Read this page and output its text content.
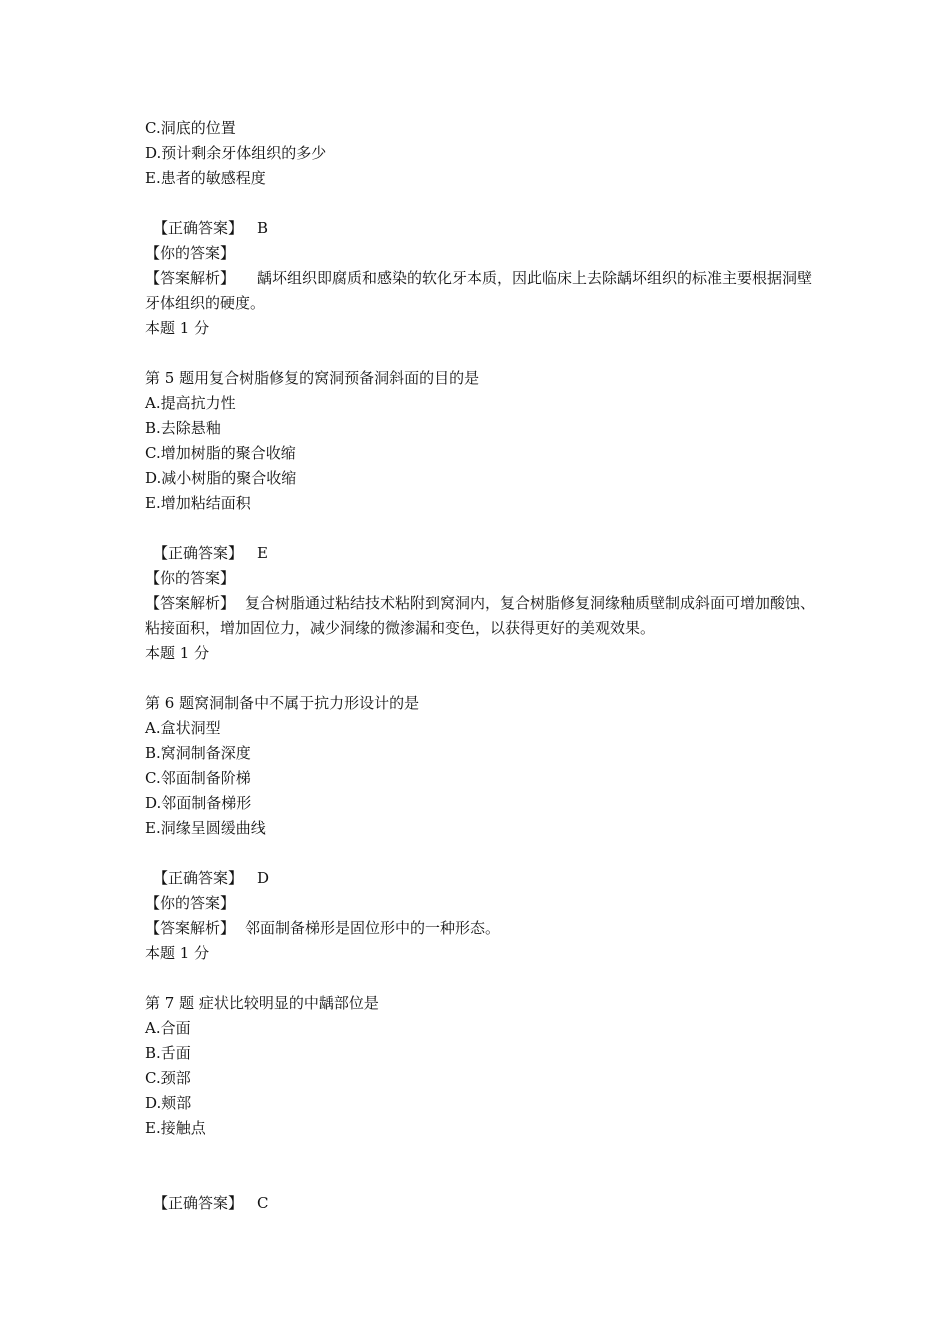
C.洞底的位置
D.预计剩余牙体组织的多少
E.患者的敏感程度
【正确答案】 B
【你的答案】
【答案解析】 龋坏组织即腐质和感染的软化牙本质，因此临床上去除龋坏组织的标准主要根据洞壁牙体组织的硬度。
本题 1 分
第 5 题用复合树脂修复的窝洞预备洞斜面的目的是
A.提高抗力性
B.去除悬釉
C.增加树脂的聚合收缩
D.减小树脂的聚合收缩
E.增加粘结面积
【正确答案】 E
【你的答案】
【答案解析】 复合树脂通过粘结技术粘附到窝洞内，复合树脂修复洞缘釉质壁制成斜面可增加酸蚀、粘接面积，增加固位力，减少洞缘的微渗漏和变色，以获得更好的美观效果。
本题 1 分
第 6 题窝洞制备中不属于抗力形设计的是
A.盒状洞型
B.窝洞制备深度
C.邻面制备阶梯
D.邻面制备梯形
E.洞缘呈圆缓曲线
【正确答案】 D
【你的答案】
【答案解析】 邻面制备梯形是固位形中的一种形态。
本题 1 分
第 7 题 症状比较明显的中龋部位是
A.合面
B.舌面
C.颈部
D.颊部
E.接触点
【正确答案】 C
